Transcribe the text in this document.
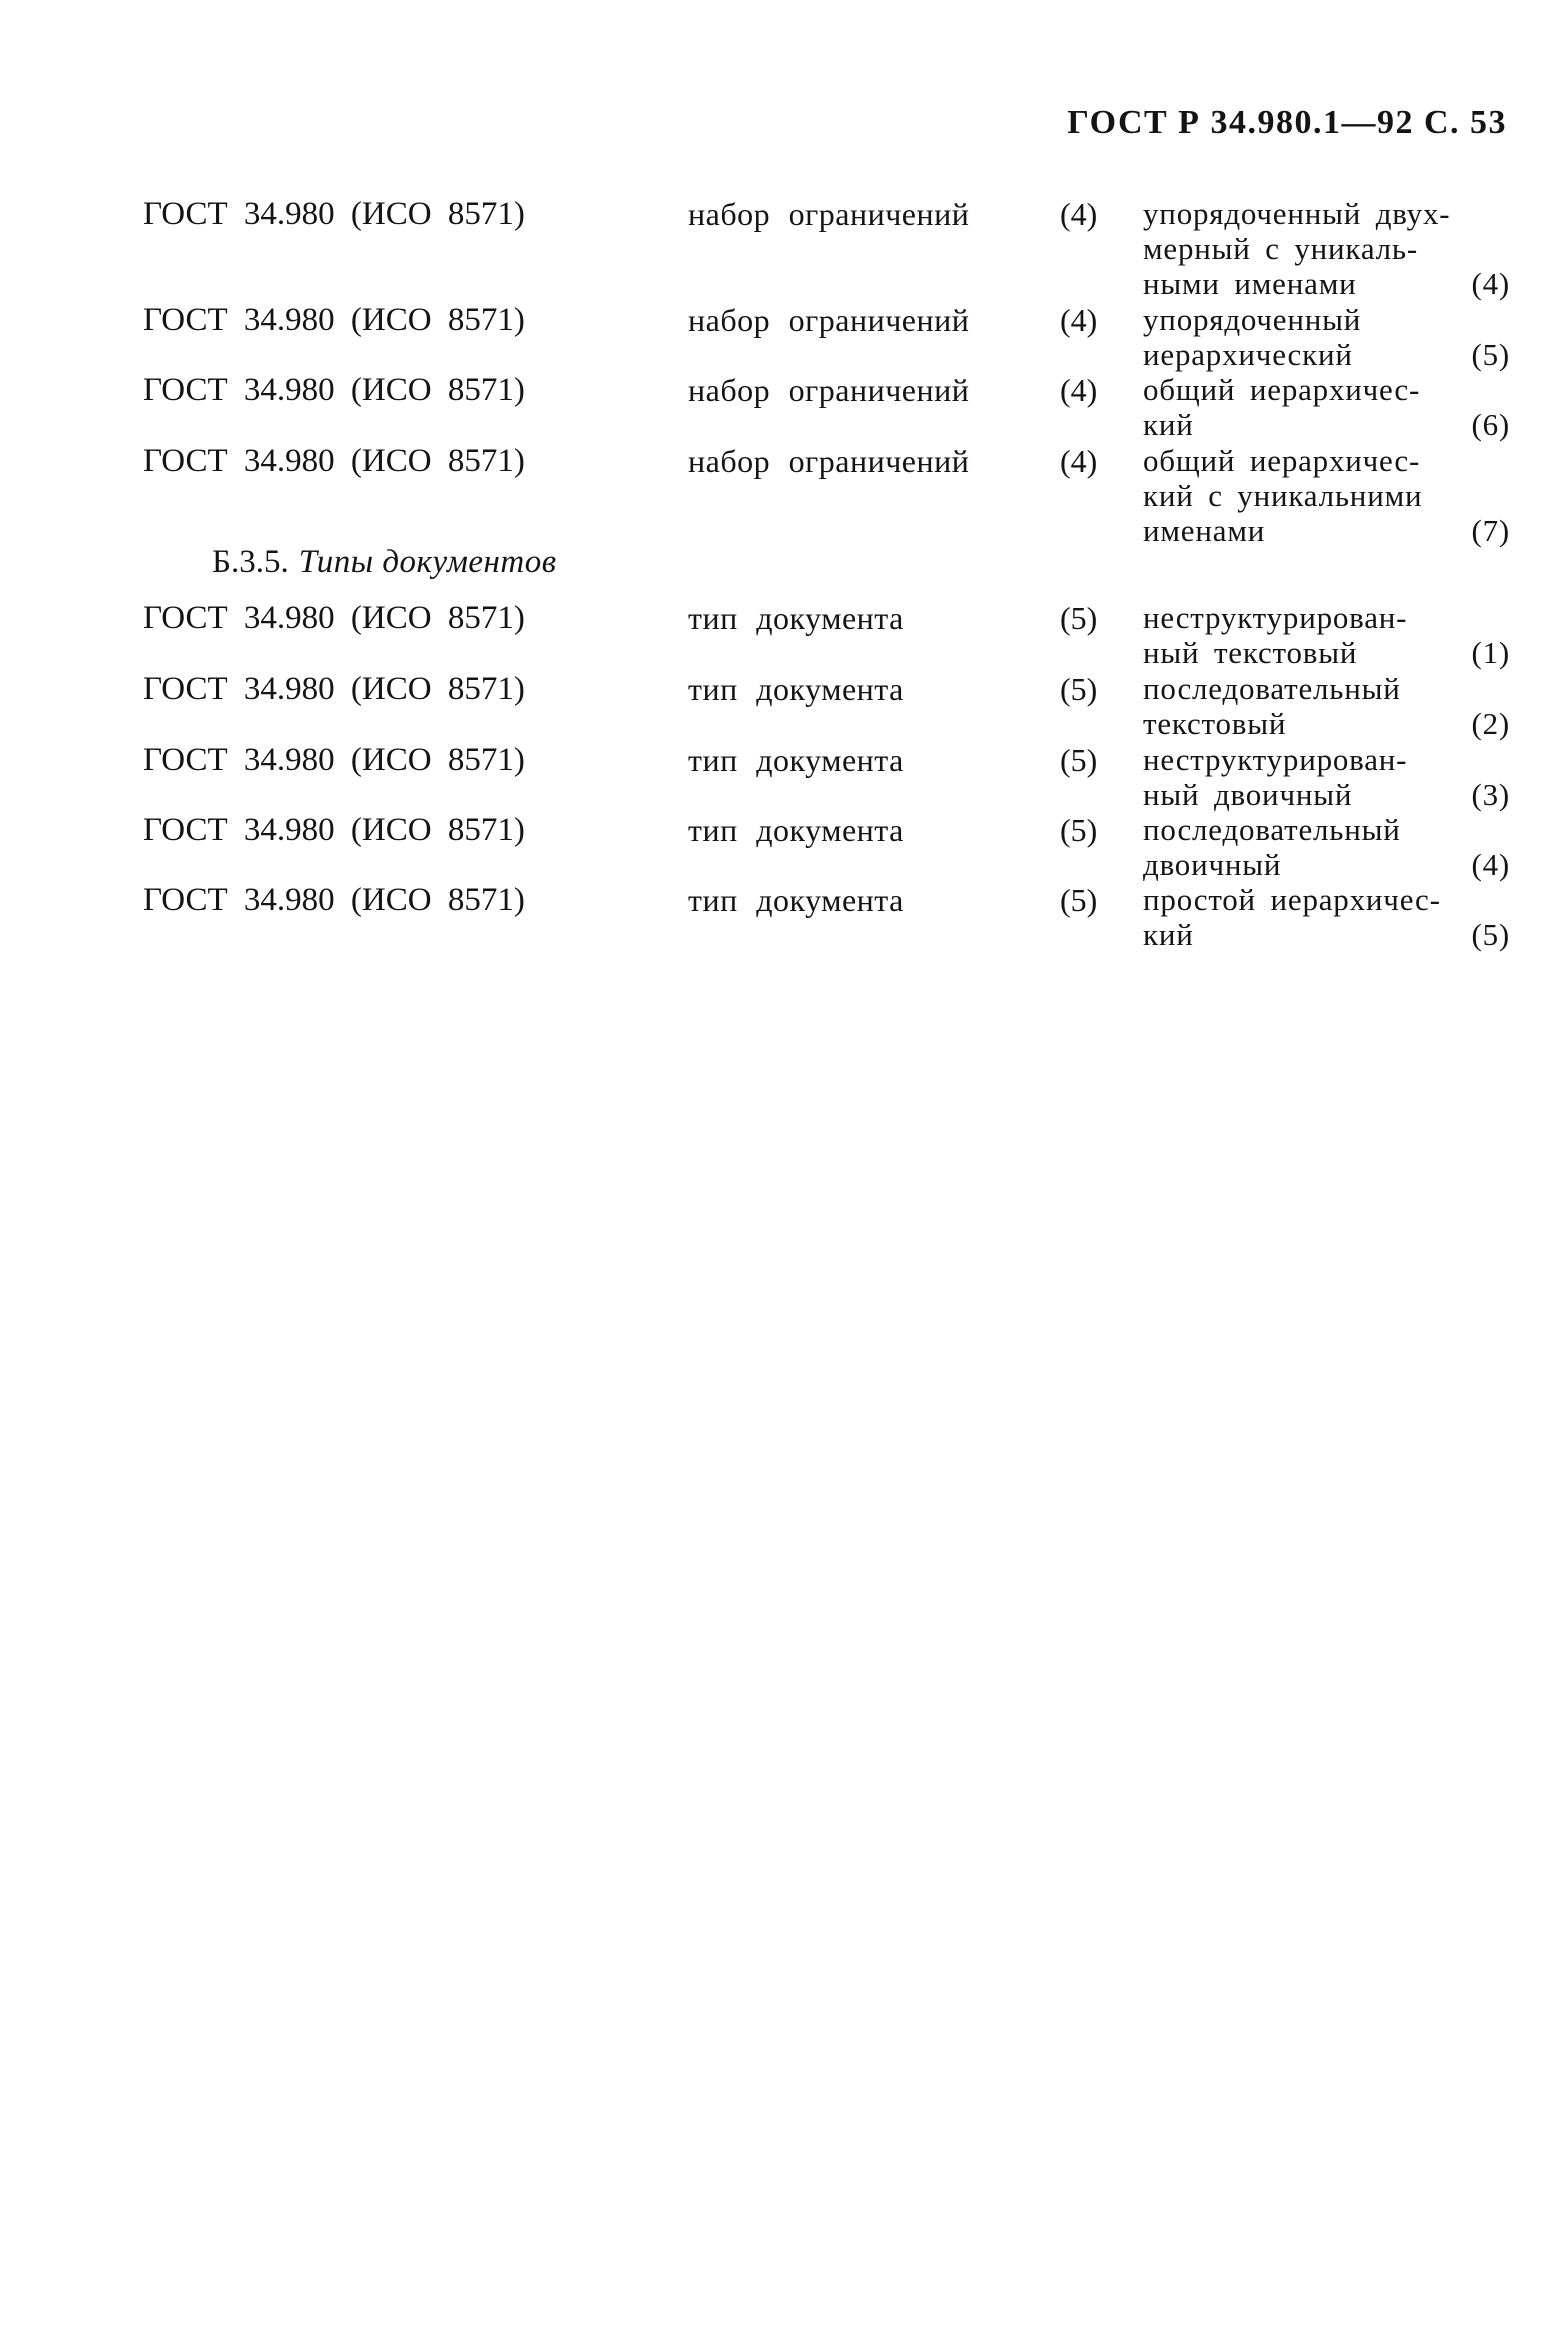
ГОСТ Р 34.980.1—92 С. 53
ГОСТ 34.980 (ИСО 8571)	набор ограничений	(4) упорядоченный двух-
мерный с уникаль-
ными именами	(4)
ГОСТ 34.980 (ИСО 8571)	набор ограничений	(4) упорядоченный
иерархический	(5)
ГОСТ 34.980 (ИСО 8571)	набор ограничений	(4) общий иерархичес-
кий	(6)
ГОСТ 34.980 (ИСО 8571)	набор ограничений	(4) общий иерархичес-
кий с уникальними
именами	(7)
Б.3.5. Типы документов
ГОСТ 34.980 (ИСО 8571)	тип документа	(5) неструктурирован-
ный текстовый	(1)
ГОСТ 34.980 (ИСО 8571)	тип документа	(5) последовательный
текстовый	(2)
ГОСТ 34.980 (ИСО 8571)	тип документа	(5) неструктурирован-
ный двоичный	(3)
ГОСТ 34.980 (ИСО 8571)	тип документа	(5) последовательный
двоичный	(4)
ГОСТ 34.980 (ИСО 8571)	тип документа	(5) простой иерархичес-
кий	(5)
